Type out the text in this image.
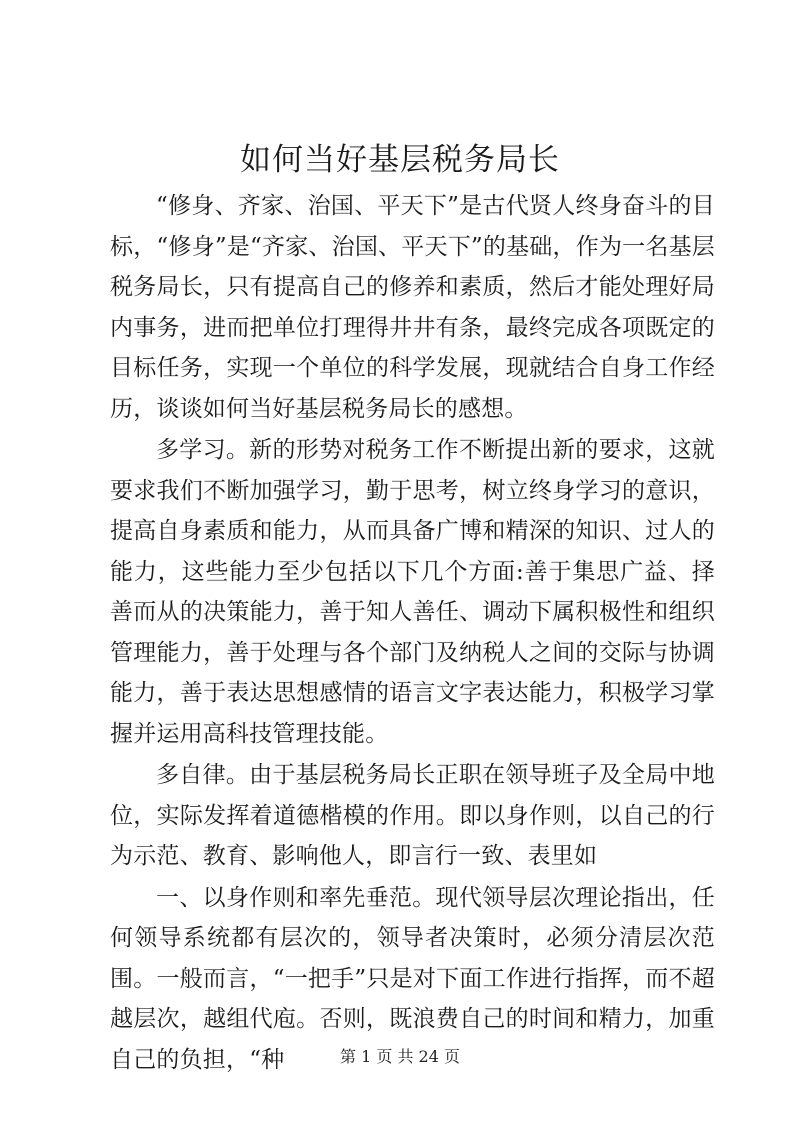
如何当好基层税务局长

“修身、齐家、治国、平天下”是古代贤人终身奋斗的目标，“修身”是“齐家、治国、平天下”的基础，作为一名基层税务局长，只有提高自己的修养和素质，然后才能处理好局内事务，进而把单位打理得井井有条，最终完成各项既定的目标任务，实现一个单位的科学发展，现就结合自身工作经历，谈谈如何当好基层税务局长的感想。

多学习。新的形势对税务工作不断提出新的要求，这就要求我们不断加强学习，勤于思考，树立终身学习的意识，提高自身素质和能力，从而具备广博和精深的知识、过人的能力，这些能力至少包括以下几个方面:善于集思广益、择善而从的决策能力，善于知人善任、调动下属积极性和组织管理能力，善于处理与各个部门及纳税人之间的交际与协调能力，善于表达思想感情的语言文字表达能力，积极学习掌握并运用高科技管理技能。

多自律。由于基层税务局长正职在领导班子及全局中地位，实际发挥着道德楷模的作用。即以身作则，以自己的行为示范、教育、影响他人，即言行一致、表里如

一、以身作则和率先垂范。现代领导层次理论指出，任何领导系统都有层次的，领导者决策时，必须分清层次范围。一般而言，“一把手”只是对下面工作进行指挥，而不超越层次，越组代庖。否则，既浪费自己的时间和精力，加重自己的负担，“种	第 1 页 共 24 页
